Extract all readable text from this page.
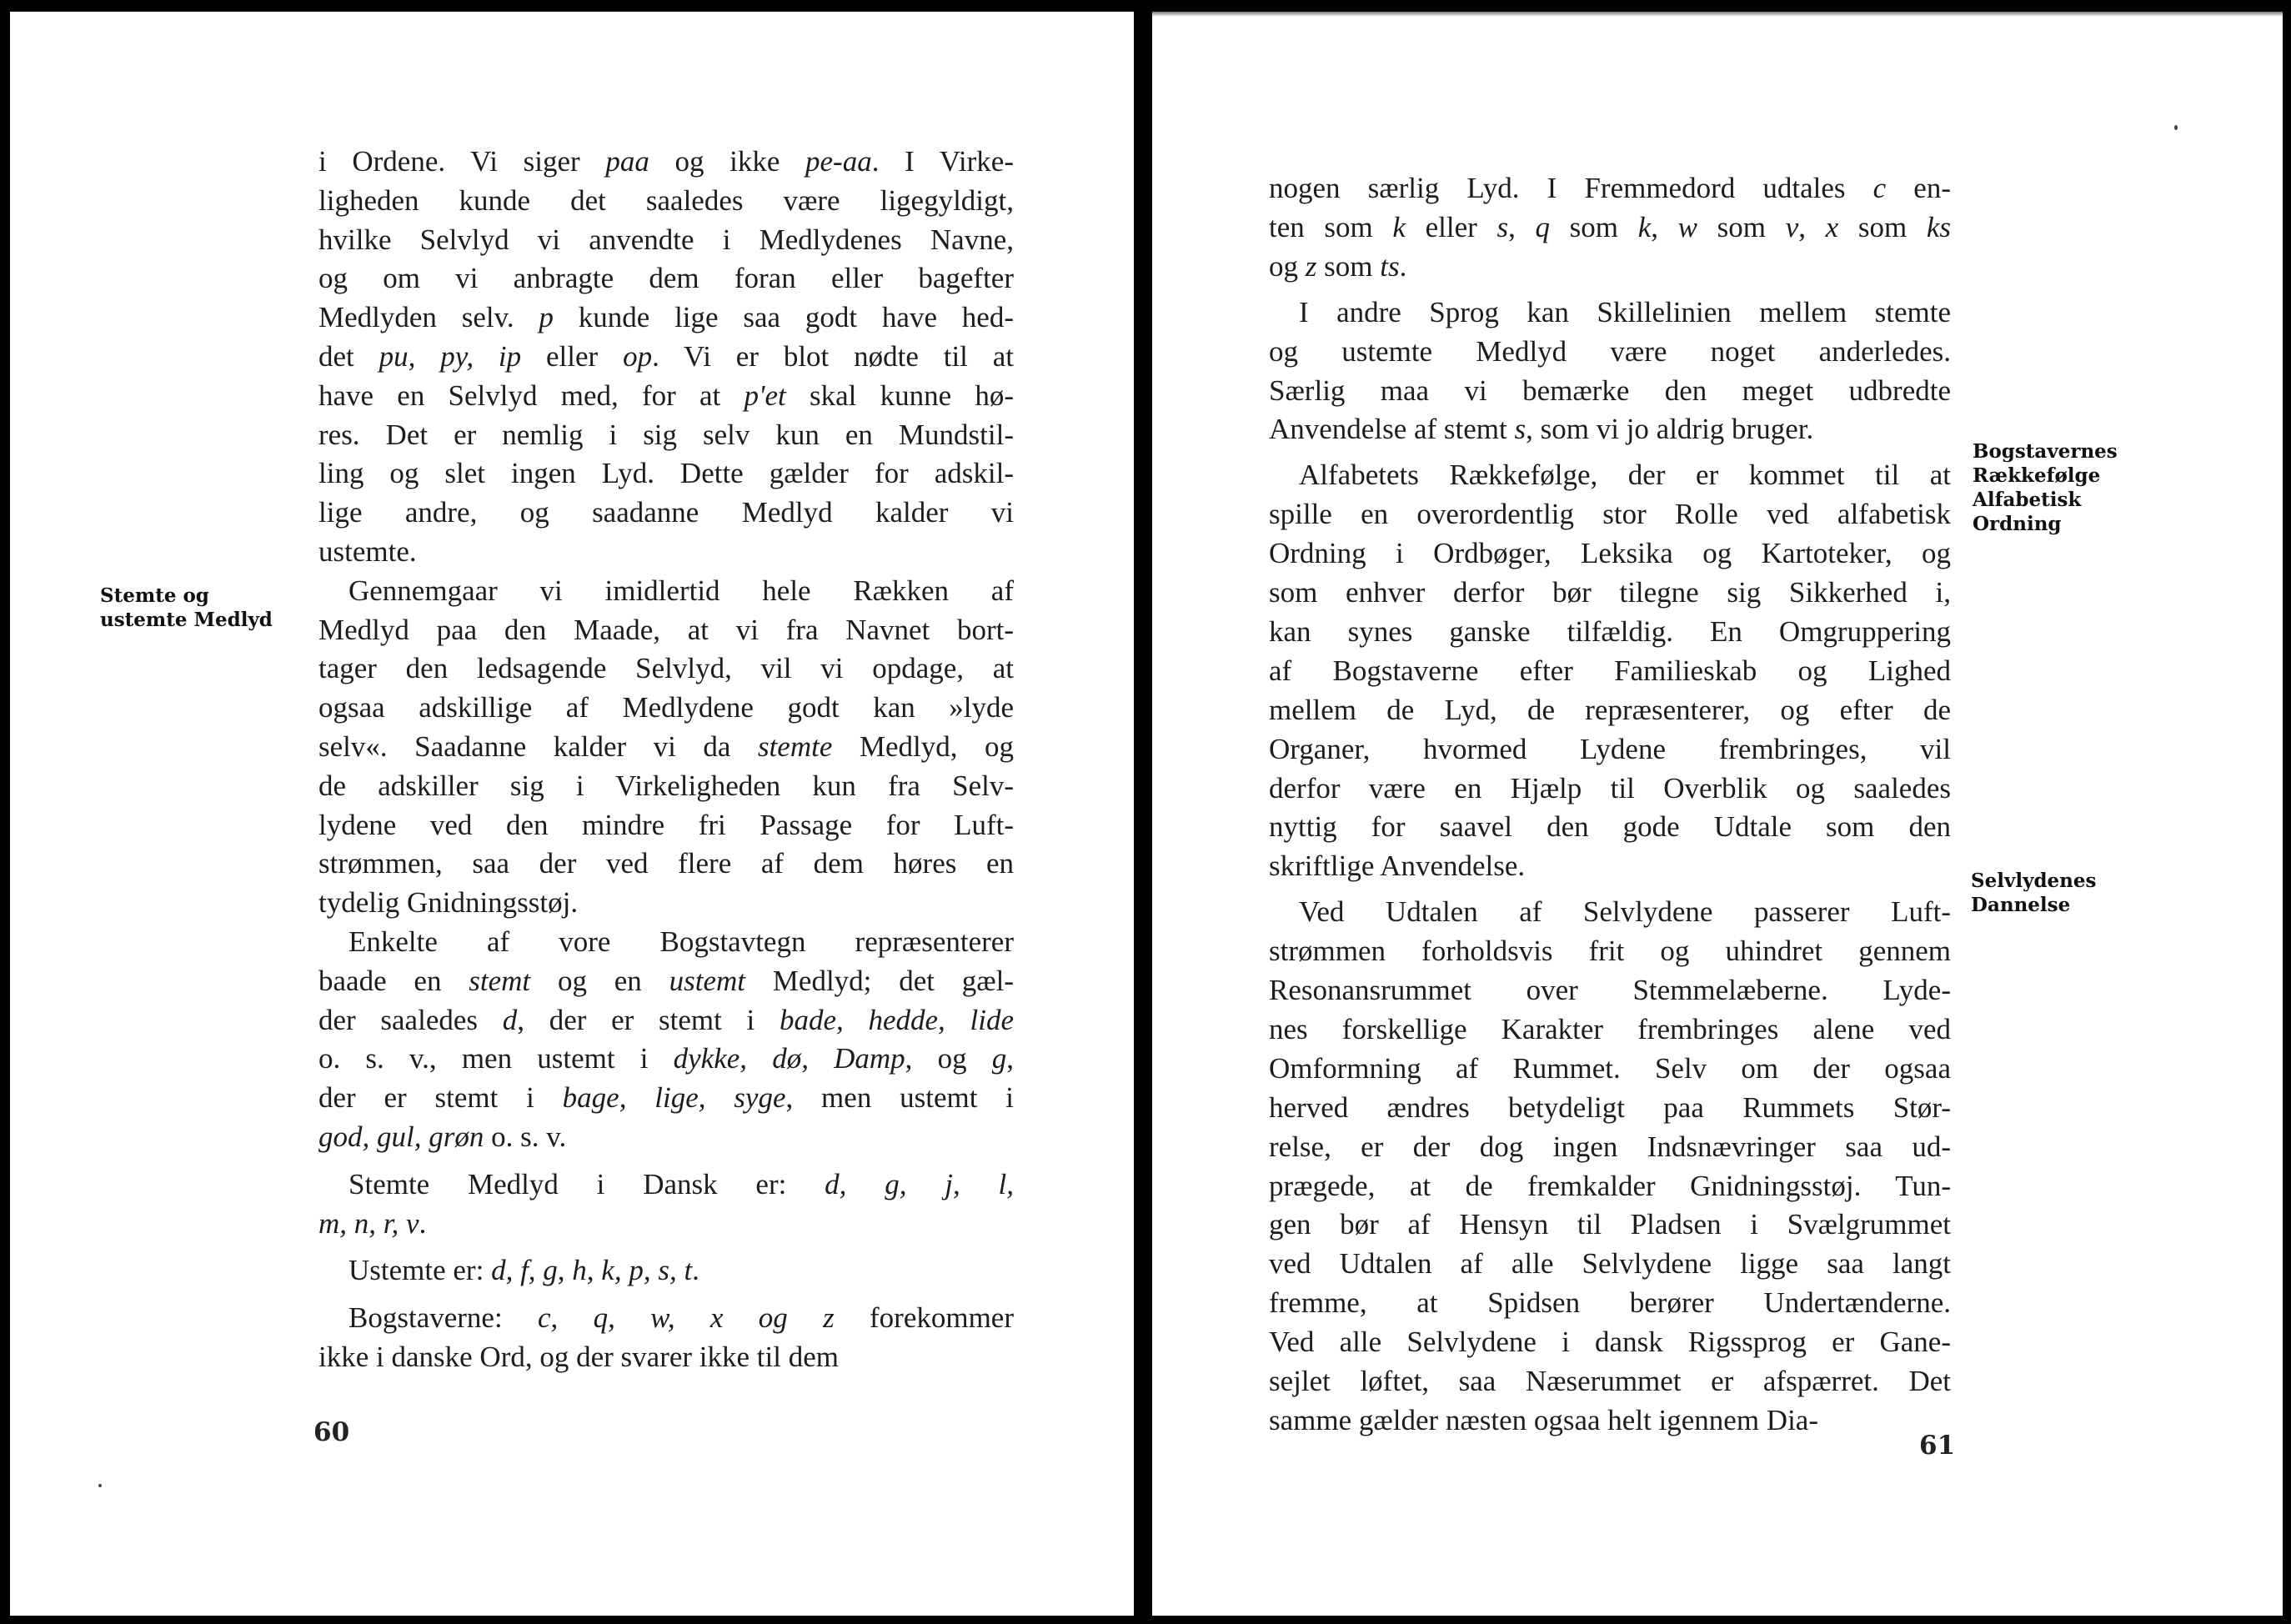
i Ordene. Vi siger paa og ikke pe-aa. I Virke-
ligheden kunde det saaledes være ligegyldigt,
hvilke Selvlyd vi anvendte i Medlydenes Navne,
og om vi anbragte dem foran eller bagefter
Medlyden selv. p kunde lige saa godt have hed-
det pu, py, ip eller op. Vi er blot nødte til at
have en Selvlyd med, for at p'et skal kunne hø-
res. Det er nemlig i sig selv kun en Mundstil-
ling og slet ingen Lyd. Dette gælder for adskil-
lige andre, og saadanne Medlyd kalder vi
ustemte.
Gennemgaar vi imidlertid hele Rækken af
Medlyd paa den Maade, at vi fra Navnet bort-
tager den ledsagende Selvlyd, vil vi opdage, at
ogsaa adskillige af Medlydene godt kan »lyde
selv«. Saadanne kalder vi da stemte Medlyd, og
de adskiller sig i Virkeligheden kun fra Selv-
lydene ved den mindre fri Passage for Luft-
strømmen, saa der ved flere af dem høres en
tydelig Gnidningsstøj.
Enkelte af vore Bogstavtegn repræsenterer
baade en stemt og en ustemt Medlyd; det gæl-
der saaledes d, der er stemt i bade, hedde, lide
o. s. v., men ustemt i dykke, dø, Damp, og g,
der er stemt i bage, lige, syge, men ustemt i
god, gul, grøn o. s. v.
Stemte Medlyd i Dansk er: d, g, j, l,
m, n, r, v.
Ustemte er: d, f, g, h, k, p, s, t.
Bogstaverne: c, q, w, x og z forekommer
ikke i danske Ord, og der svarer ikke til dem
Stemte og
ustemte Medlyd
60
nogen særlig Lyd. I Fremmedord udtales c en-
ten som k eller s, q som k, w som v, x som ks
og z som ts.
I andre Sprog kan Skillelinien mellem stemte
og ustemte Medlyd være noget anderledes.
Særlig maa vi bemærke den meget udbredte
Anvendelse af stemt s, som vi jo aldrig bruger.
Alfabetets Rækkefølge, der er kommet til at
spille en overordentlig stor Rolle ved alfabetisk
Ordning i Ordbøger, Leksika og Kartoteker, og
som enhver derfor bør tilegne sig Sikkerhed i,
kan synes ganske tilfældig. En Omgruppering
af Bogstaverne efter Familieskab og Lighed
mellem de Lyd, de repræsenterer, og efter de
Organer, hvormed Lydene frembringes, vil
derfor være en Hjælp til Overblik og saaledes
nyttig for saavel den gode Udtale som den
skriftlige Anvendelse.
Ved Udtalen af Selvlydene passerer Luft-
strømmen forholdsvis frit og uhindret gennem
Resonansrummet over Stemmelæberne. Lyde-
nes forskellige Karakter frembringes alene ved
Omformning af Rummet. Selv om der ogsaa
herved ændres betydeligt paa Rummets Stør-
relse, er der dog ingen Indsnævringer saa ud-
prægede, at de fremkalder Gnidningsstøj. Tun-
gen bør af Hensyn til Pladsen i Svælgrummet
ved Udtalen af alle Selvlydene ligge saa langt
fremme, at Spidsen berører Undertænderne.
Ved alle Selvlydene i dansk Rigssprog er Gane-
sejlet løftet, saa Næserummet er afspærret. Det
samme gælder næsten ogsaa helt igennem Dia-
Bogstavernes
Rækkefølge
Alfabetisk
Ordning
Selvlydenes
Dannelse
61
